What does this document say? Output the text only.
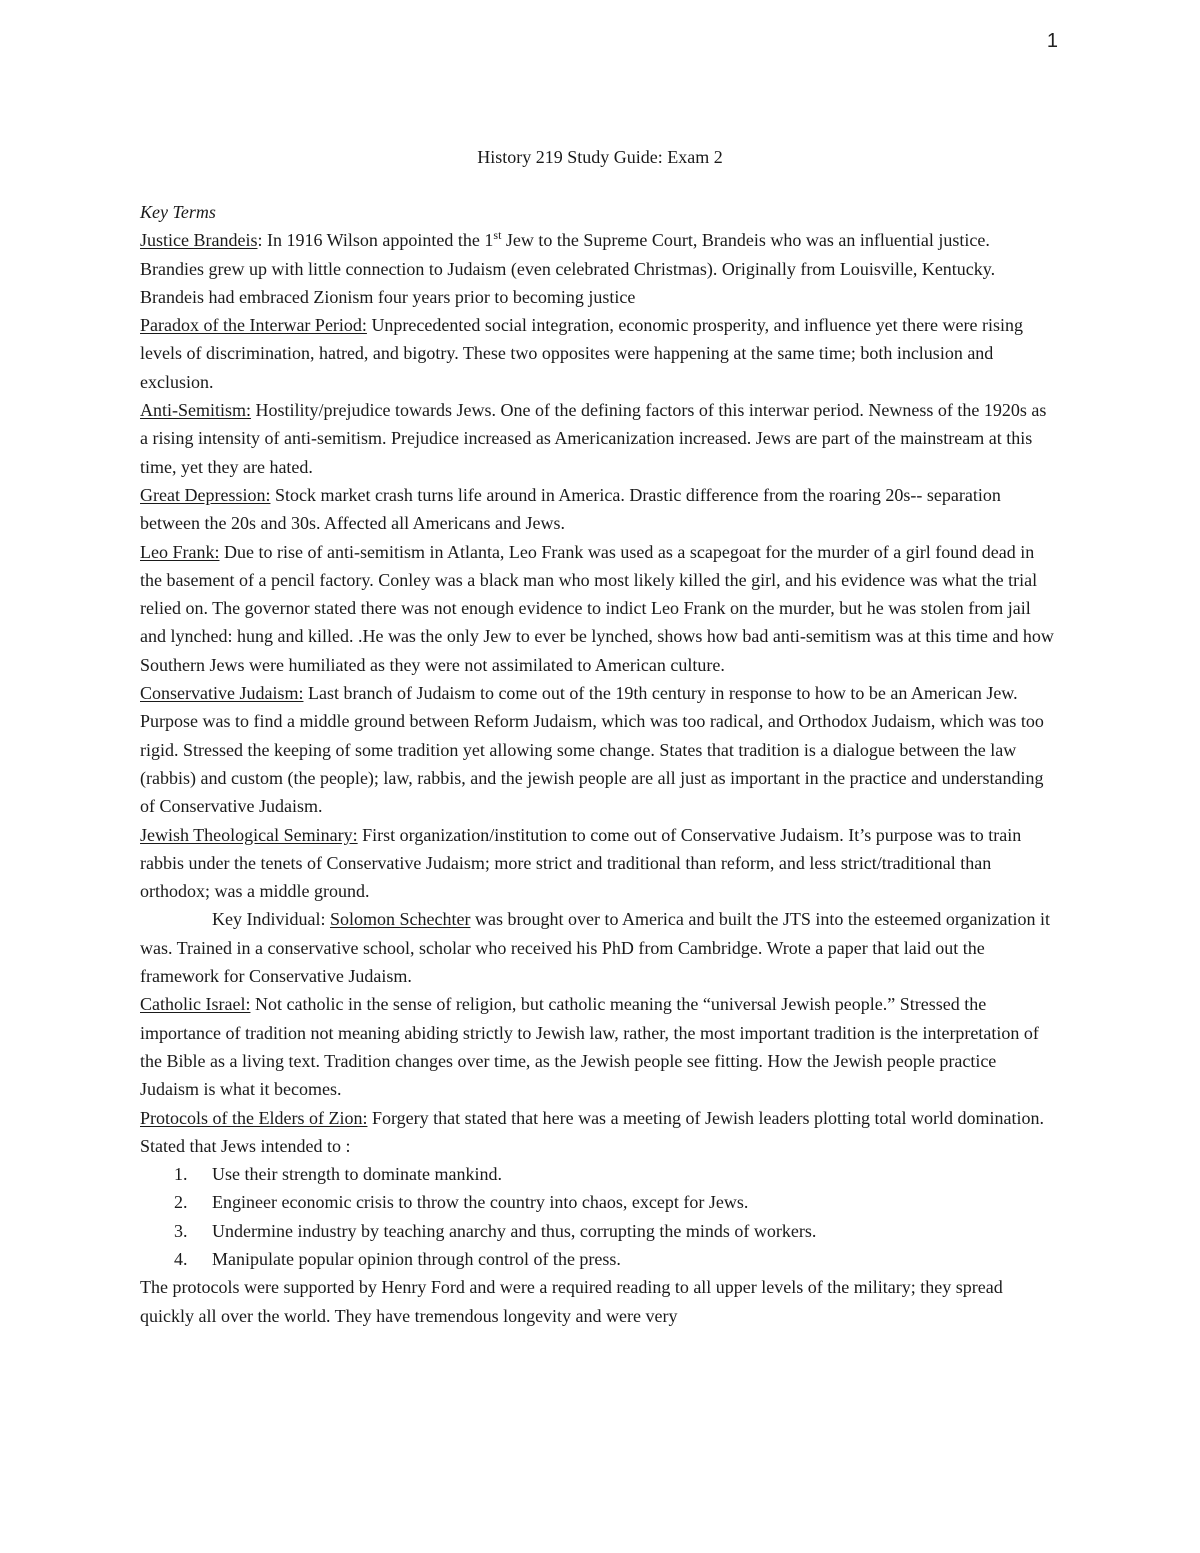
1
History 219 Study Guide: Exam 2

Key Terms

Justice Brandeis: In 1916 Wilson appointed the 1st Jew to the Supreme Court, Brandeis who was an influential justice. Brandies grew up with little connection to Judaism (even celebrated Christmas). Originally from Louisville, Kentucky. Brandeis had embraced Zionism four years prior to becoming justice

Paradox of the Interwar Period: Unprecedented social integration, economic prosperity, and influence yet there were rising levels of discrimination, hatred, and bigotry. These two opposites were happening at the same time; both inclusion and exclusion.

Anti-Semitism: Hostility/prejudice towards Jews. One of the defining factors of this interwar period. Newness of the 1920s as a rising intensity of anti-semitism. Prejudice increased as Americanization increased. Jews are part of the mainstream at this time, yet they are hated.

Great Depression: Stock market crash turns life around in America. Drastic difference from the roaring 20s-- separation between the 20s and 30s. Affected all Americans and Jews.

Leo Frank: Due to rise of anti-semitism in Atlanta, Leo Frank was used as a scapegoat for the murder of a girl found dead in the basement of a pencil factory. Conley was a black man who most likely killed the girl, and his evidence was what the trial relied on. The governor stated there was not enough evidence to indict Leo Frank on the murder, but he was stolen from jail and lynched: hung and killed. .He was the only Jew to ever be lynched, shows how bad anti-semitism was at this time and how Southern Jews were humiliated as they were not assimilated to American culture.

Conservative Judaism: Last branch of Judaism to come out of the 19th century in response to how to be an American Jew. Purpose was to find a middle ground between Reform Judaism, which was too radical, and Orthodox Judaism, which was too rigid. Stressed the keeping of some tradition yet allowing some change. States that tradition is a dialogue between the law (rabbis) and custom (the people); law, rabbis, and the jewish people are all just as important in the practice and understanding of Conservative Judaism.

Jewish Theological Seminary: First organization/institution to come out of Conservative Judaism. It’s purpose was to train rabbis under the tenets of Conservative Judaism; more strict and traditional than reform, and less strict/traditional than orthodox; was a middle ground.

Key Individual: Solomon Schechter was brought over to America and built the JTS into the esteemed organization it was. Trained in a conservative school, scholar who received his PhD from Cambridge. Wrote a paper that laid out the framework for Conservative Judaism.

Catholic Israel: Not catholic in the sense of religion, but catholic meaning the “universal Jewish people.” Stressed the importance of tradition not meaning abiding strictly to Jewish law, rather, the most important tradition is the interpretation of the Bible as a living text. Tradition changes over time, as the Jewish people see fitting. How the Jewish people practice Judaism is what it becomes.

Protocols of the Elders of Zion: Forgery that stated that here was a meeting of Jewish leaders plotting total world domination. Stated that Jews intended to :

1. Use their strength to dominate mankind.
2. Engineer economic crisis to throw the country into chaos, except for Jews.
3. Undermine industry by teaching anarchy and thus, corrupting the minds of workers.
4. Manipulate popular opinion through control of the press.

The protocols were supported by Henry Ford and were a required reading to all upper levels of the military; they spread quickly all over the world. They have tremendous longevity and were very
